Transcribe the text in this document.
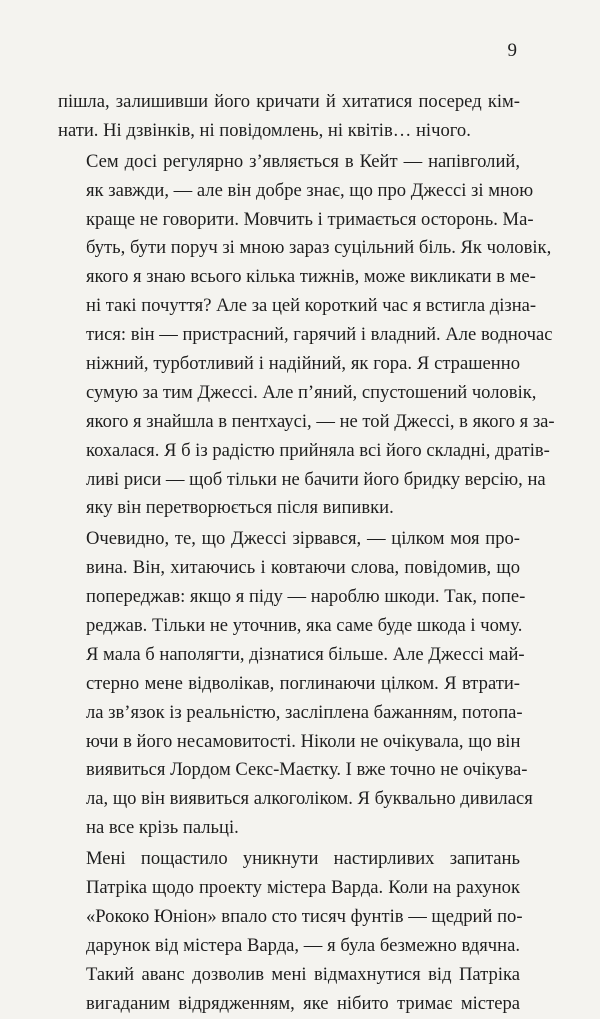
9
пішла, залишивши його кричати й хитатися посеред кім-
нати. Ні дзвінків, ні повідомлень, ні квітів… нічого.
Сем досі регулярно з’являється в Кейт — напівголий,
як завжди, — але він добре знає, що про Джессі зі мною
краще не говорити. Мовчить і тримається осторонь. Ма-
буть, бути поруч зі мною зараз суцільний біль. Як чоловік,
якого я знаю всього кілька тижнів, може викликати в ме-
ні такі почуття? Але за цей короткий час я встигла дізна-
тися: він — пристрасний, гарячий і владний. Але водночас
ніжний, турботливий і надійний, як гора. Я страшенно
сумую за тим Джессі. Але п’яний, спустошений чоловік,
якого я знайшла в пентхаусі, — не той Джессі, в якого я за-
кохалася. Я б із радістю прийняла всі його складні, дратів-
ливі риси — щоб тільки не бачити його бридку версію, на
яку він перетворюється після випивки.
Очевидно, те, що Джессі зірвався, — цілком моя про-
вина. Він, хитаючись і ковтаючи слова, повідомив, що
попереджав: якщо я піду — нароблю шкоди. Так, попе-
реджав. Тільки не уточнив, яка саме буде шкода і чому.
Я мала б наполягти, дізнатися більше. Але Джессі май-
стерно мене відволікав, поглинаючи цілком. Я втрати-
ла зв’язок із реальністю, засліплена бажанням, потопа-
ючи в його несамовитості. Ніколи не очікувала, що він
виявиться Лордом Секс-Маєтку. І вже точно не очікува-
ла, що він виявиться алкоголіком. Я буквально дивилася
на все крізь пальці.
Мені пощастило уникнути настирливих запитань
Патріка щодо проекту містера Варда. Коли на рахунок
«Рококо Юніон» впало сто тисяч фунтів — щедрий по-
дарунок від містера Варда, — я була безмежно вдячна.
Такий аванс дозволив мені відмахнутися від Патріка
вигаданим відрядженням, яке нібито тримає містера
